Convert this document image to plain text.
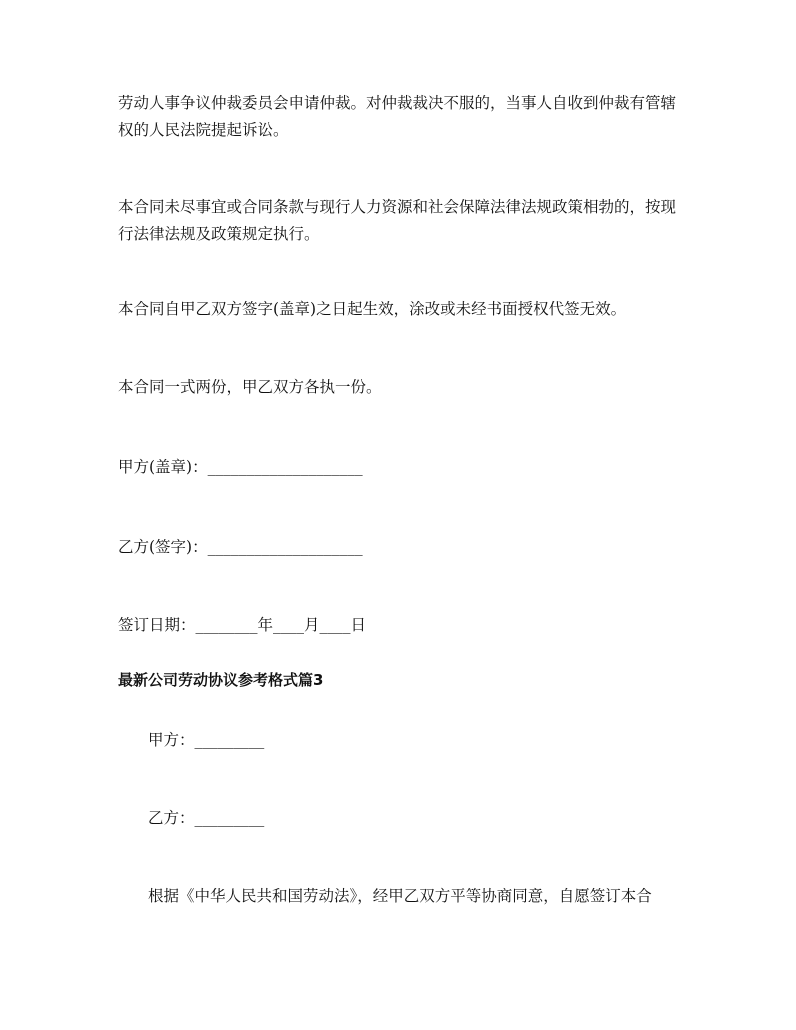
劳动人事争议仲裁委员会申请仲裁。对仲裁裁决不服的，当事人自收到仲裁有管辖权的人民法院提起诉讼。

本合同未尽事宜或合同条款与现行人力资源和社会保障法律法规政策相勃的，按现行法律法规及政策规定执行。

本合同自甲乙双方签字(盖章)之日起生效，涂改或未经书面授权代签无效。

本合同一式两份，甲乙双方各执一份。

甲方(盖章)：____________________

乙方(签字)：____________________

签订日期：________年____月____日

最新公司劳动协议参考格式篇3

甲方：_________

乙方：_________

根据《中华人民共和国劳动法》，经甲乙双方平等协商同意，自愿签订本合
